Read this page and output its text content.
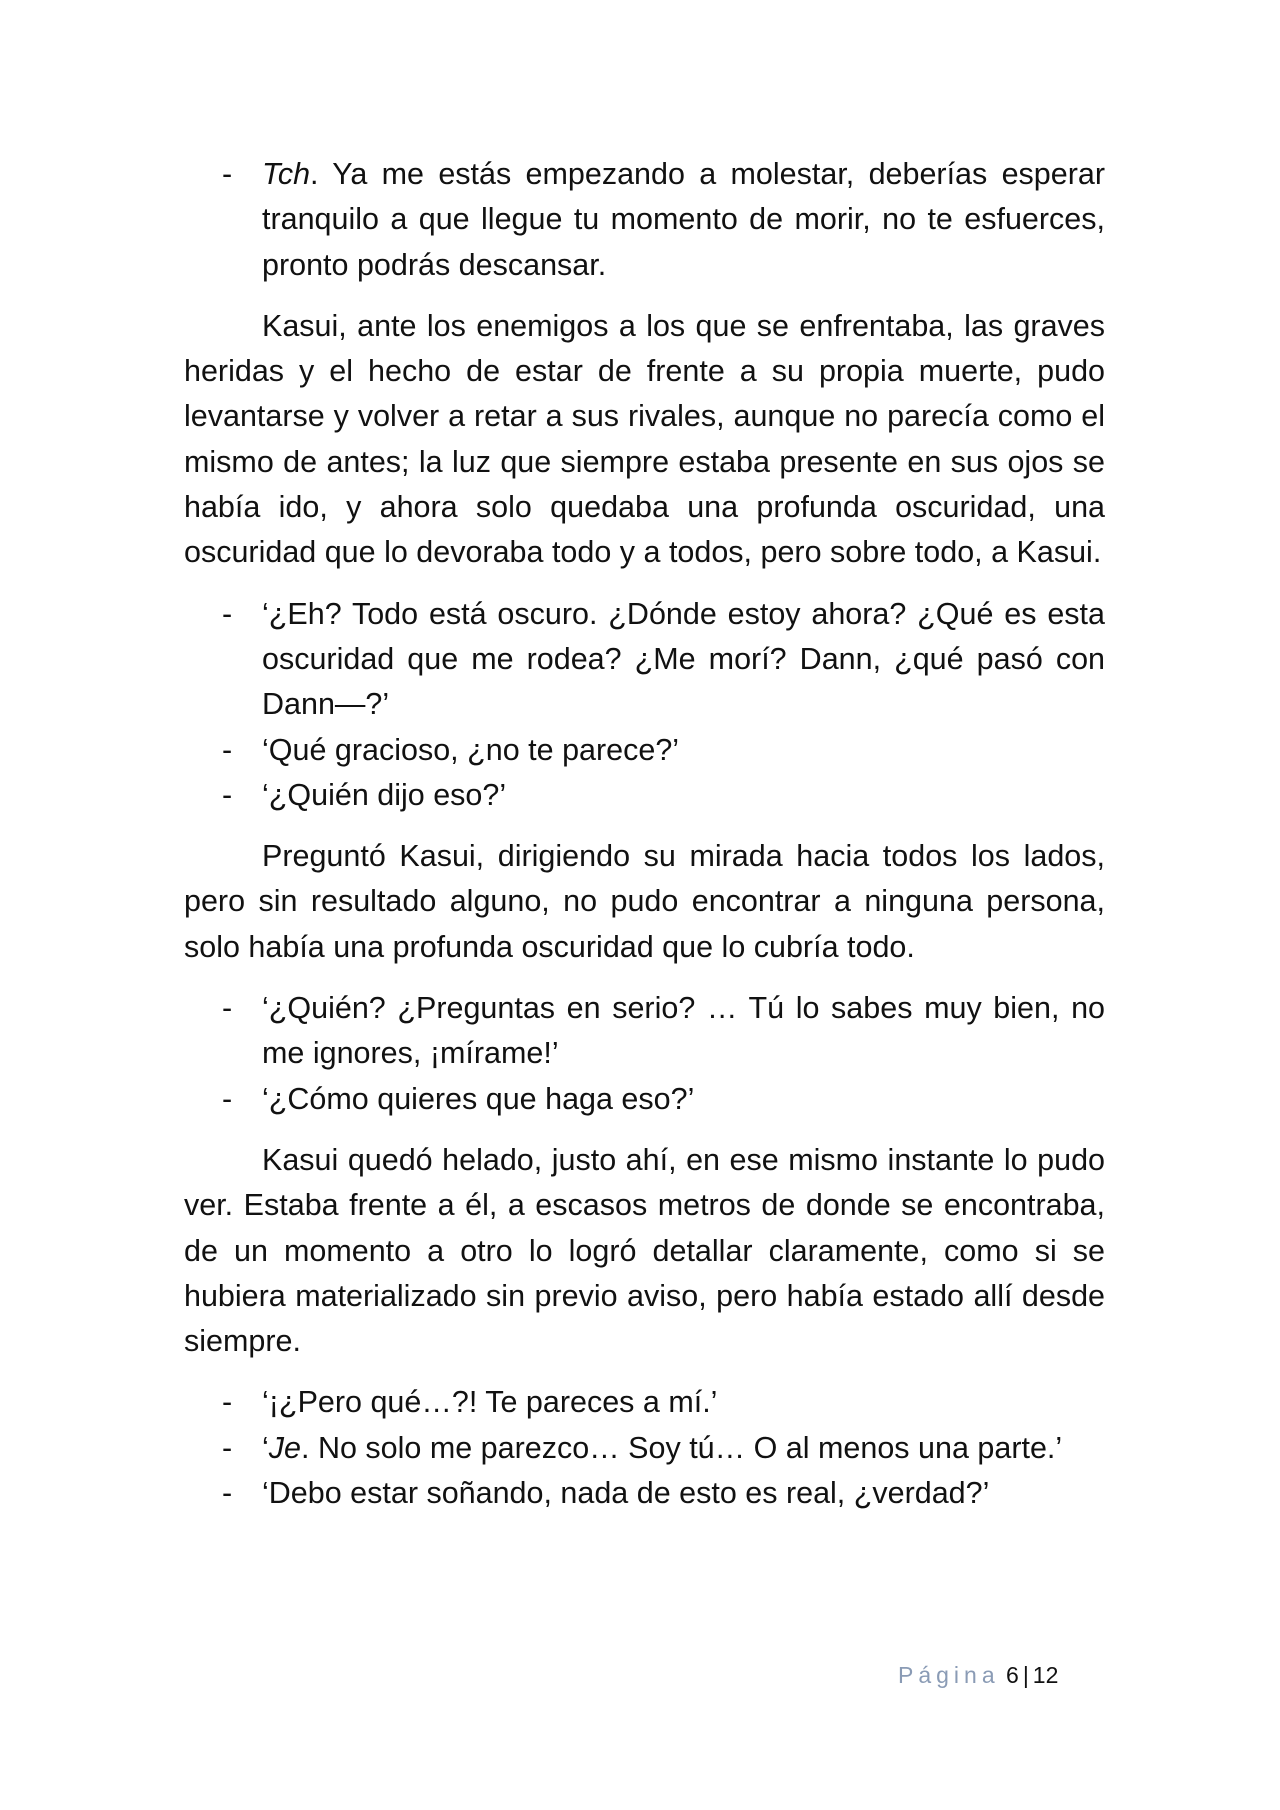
- Tch. Ya me estás empezando a molestar, deberías esperar tranquilo a que llegue tu momento de morir, no te esfuerces, pronto podrás descansar.

Kasui, ante los enemigos a los que se enfrentaba, las graves heridas y el hecho de estar de frente a su propia muerte, pudo levantarse y volver a retar a sus rivales, aunque no parecía como el mismo de antes; la luz que siempre estaba presente en sus ojos se había ido, y ahora solo quedaba una profunda oscuridad, una oscuridad que lo devoraba todo y a todos, pero sobre todo, a Kasui.

- ‘¿Eh? Todo está oscuro. ¿Dónde estoy ahora? ¿Qué es esta oscuridad que me rodea? ¿Me morí? Dann, ¿qué pasó con Dann—?’

- ‘Qué gracioso, ¿no te parece?’

- ‘¿Quién dijo eso?’

Preguntó Kasui, dirigiendo su mirada hacia todos los lados, pero sin resultado alguno, no pudo encontrar a ninguna persona, solo había una profunda oscuridad que lo cubría todo.

- ‘¿Quién? ¿Preguntas en serio? … Tú lo sabes muy bien, no me ignores, ¡mírame!’

- ‘¿Cómo quieres que haga eso?’

Kasui quedó helado, justo ahí, en ese mismo instante lo pudo ver. Estaba frente a él, a escasos metros de donde se encontraba, de un momento a otro lo logró detallar claramente, como si se hubiera materializado sin previo aviso, pero había estado allí desde siempre.

- ‘¡¿Pero qué…?! Te pareces a mí.’

- ‘Je. No solo me parezco… Soy tú… O al menos una parte.’

- ‘Debo estar soñando, nada de esto es real, ¿verdad?’

Página 6 | 12
